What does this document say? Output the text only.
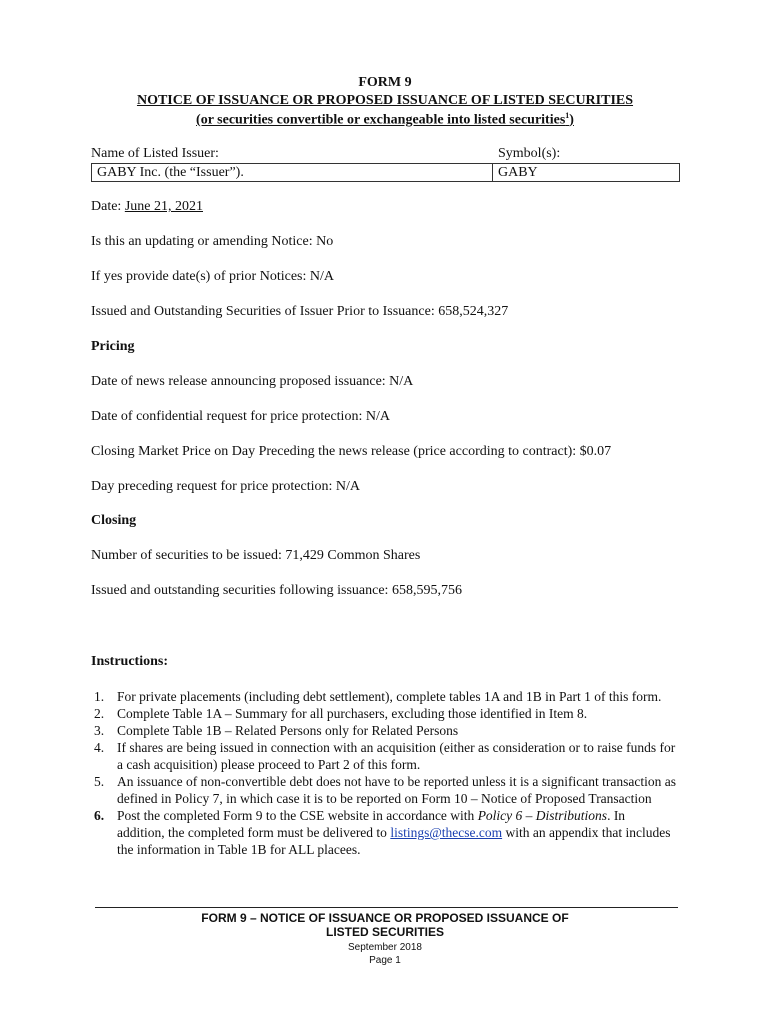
FORM 9
NOTICE OF ISSUANCE OR PROPOSED ISSUANCE OF LISTED SECURITIES
(or securities convertible or exchangeable into listed securities$^1$)
Name of Listed Issuer:	Symbol(s):
GABY Inc. (the “Issuer”).	GABY
Date: June 21, 2021
Is this an updating or amending Notice: No
If yes provide date(s) of prior Notices: N/A
Issued and Outstanding Securities of Issuer Prior to Issuance: 658,524,327
Pricing
Date of news release announcing proposed issuance: N/A
Date of confidential request for price protection: N/A
Closing Market Price on Day Preceding the news release (price according to contract): $0.07
Day preceding request for price protection: N/A
Closing
Number of securities to be issued: 71,429 Common Shares
Issued and outstanding securities following issuance: 658,595,756
Instructions:
1. For private placements (including debt settlement), complete tables 1A and 1B in Part 1 of this form.
2. Complete Table 1A – Summary for all purchasers, excluding those identified in Item 8.
3. Complete Table 1B – Related Persons only for Related Persons
4. If shares are being issued in connection with an acquisition (either as consideration or to raise funds for a cash acquisition) please proceed to Part 2 of this form.
5. An issuance of non-convertible debt does not have to be reported unless it is a significant transaction as defined in Policy 7, in which case it is to be reported on Form 10 – Notice of Proposed Transaction
6. Post the completed Form 9 to the CSE website in accordance with Policy 6 – Distributions. In addition, the completed form must be delivered to listings@thecse.com with an appendix that includes the information in Table 1B for ALL placees.
FORM 9 – NOTICE OF ISSUANCE OR PROPOSED ISSUANCE OF
LISTED SECURITIES
September 2018
Page 1
